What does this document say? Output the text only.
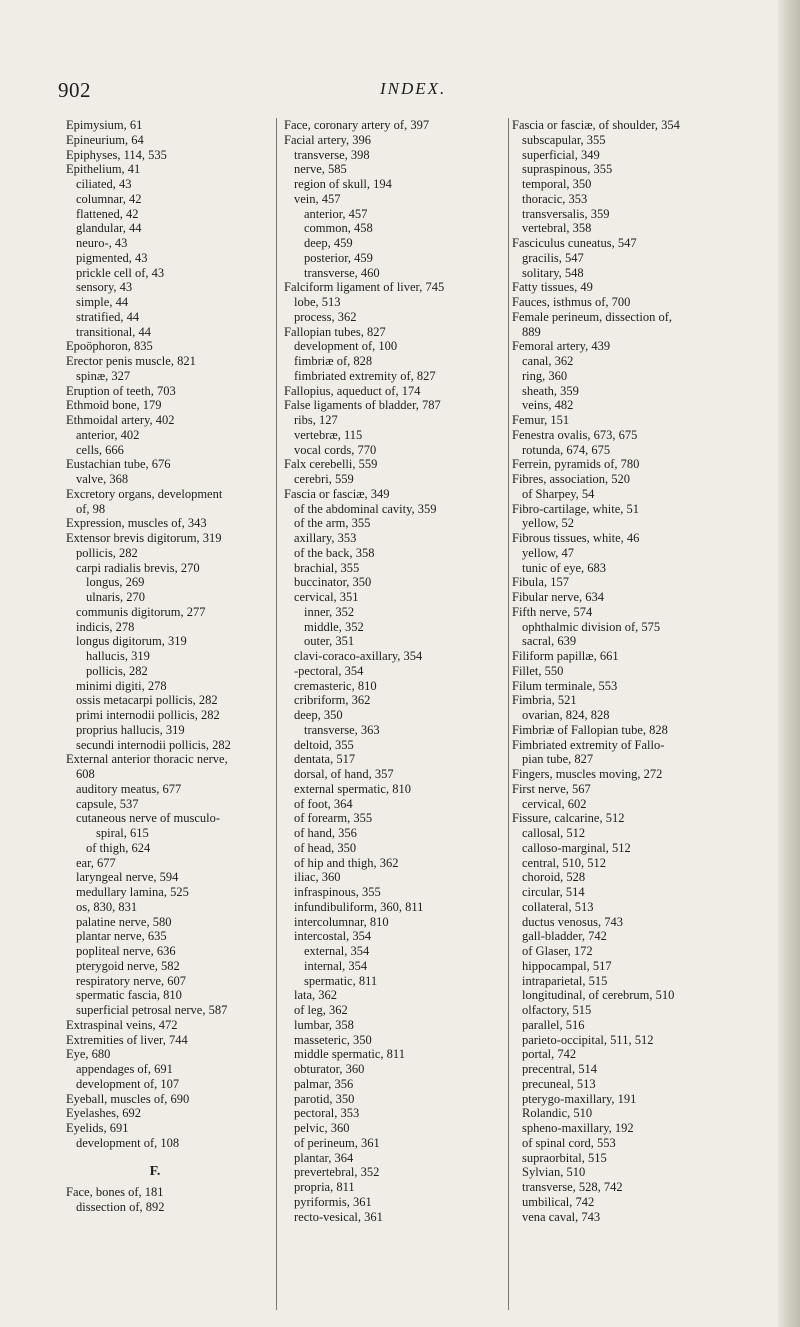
902	INDEX.
Epimysium, 61
Epineurium, 64
Epiphyses, 114, 535
Epithelium, 41
ciliated, 43
columnar, 42
flattened, 42
glandular, 44
neuro-, 43
pigmented, 43
prickle cell of, 43
sensory, 43
simple, 44
stratified, 44
transitional, 44
Epoöphoron, 835
Erector penis muscle, 821
spinæ, 327
Eruption of teeth, 703
Ethmoid bone, 179
Ethmoidal artery, 402
anterior, 402
cells, 666
Eustachian tube, 676
valve, 368
Excretory organs, development
of, 98
Expression, muscles of, 343
Extensor brevis digitorum, 319
pollicis, 282
carpi radialis brevis, 270
longus, 269
ulnaris, 270
communis digitorum, 277
indicis, 278
longus digitorum, 319
hallucis, 319
pollicis, 282
minimi digiti, 278
ossis metacarpi pollicis, 282
primi internodii pollicis, 282
proprius hallucis, 319
secundi internodii pollicis, 282
External anterior thoracic nerve,
608
auditory meatus, 677
capsule, 537
cutaneous nerve of musculo-
spiral, 615
of thigh, 624
ear, 677
laryngeal nerve, 594
medullary lamina, 525
os, 830, 831
palatine nerve, 580
plantar nerve, 635
popliteal nerve, 636
pterygoid nerve, 582
respiratory nerve, 607
spermatic fascia, 810
superficial petrosal nerve, 587
Extraspinal veins, 472
Extremities of liver, 744
Eye, 680
appendages of, 691
development of, 107
Eyeball, muscles of, 690
Eyelashes, 692
Eyelids, 691
development of, 108
F.
Face, bones of, 181
dissection of, 892
Face, coronary artery of, 397
Facial artery, 396
transverse, 398
nerve, 585
region of skull, 194
vein, 457
anterior, 457
common, 458
deep, 459
posterior, 459
transverse, 460
Falciform ligament of liver, 745
lobe, 513
process, 362
Fallopian tubes, 827
development of, 100
fimbriæ of, 828
fimbriated extremity of, 827
Fallopius, aqueduct of, 174
False ligaments of bladder, 787
ribs, 127
vertebræ, 115
vocal cords, 770
Falx cerebelli, 559
cerebri, 559
Fascia or fasciæ, 349
of the abdominal cavity, 359
of the arm, 355
axillary, 353
of the back, 358
brachial, 355
buccinator, 350
cervical, 351
inner, 352
middle, 352
outer, 351
clavi-coraco-axillary, 354
-pectoral, 354
cremasteric, 810
cribriform, 362
deep, 350
transverse, 363
deltoid, 355
dentata, 517
dorsal, of hand, 357
external spermatic, 810
of foot, 364
of forearm, 355
of hand, 356
of head, 350
of hip and thigh, 362
iliac, 360
infraspinous, 355
infundibuliform, 360, 811
intercolumnar, 810
intercostal, 354
external, 354
internal, 354
spermatic, 811
lata, 362
of leg, 362
lumbar, 358
masseteric, 350
middle spermatic, 811
obturator, 360
palmar, 356
parotid, 350
pectoral, 353
pelvic, 360
of perineum, 361
plantar, 364
prevertebral, 352
propria, 811
pyriformis, 361
recto-vesical, 361
Fascia or fasciæ, of shoulder, 354
subscapular, 355
superficial, 349
supraspinous, 355
temporal, 350
thoracic, 353
transversalis, 359
vertebral, 358
Fasciculus cuneatus, 547
gracilis, 547
solitary, 548
Fatty tissues, 49
Fauces, isthmus of, 700
Female perineum, dissection of,
889
Femoral artery, 439
canal, 362
ring, 360
sheath, 359
veins, 482
Femur, 151
Fenestra ovalis, 673, 675
rotunda, 674, 675
Ferrein, pyramids of, 780
Fibres, association, 520
of Sharpey, 54
Fibro-cartilage, white, 51
yellow, 52
Fibrous tissues, white, 46
yellow, 47
tunic of eye, 683
Fibula, 157
Fibular nerve, 634
Fifth nerve, 574
ophthalmic division of, 575
sacral, 639
Filiform papillæ, 661
Fillet, 550
Filum terminale, 553
Fimbria, 521
ovarian, 824, 828
Fimbriæ of Fallopian tube, 828
Fimbriated extremity of Fallo-
pian tube, 827
Fingers, muscles moving, 272
First nerve, 567
cervical, 602
Fissure, calcarine, 512
callosal, 512
calloso-marginal, 512
central, 510, 512
choroid, 528
circular, 514
collateral, 513
ductus venosus, 743
gall-bladder, 742
of Glaser, 172
hippocampal, 517
intraparietal, 515
longitudinal, of cerebrum, 510
olfactory, 515
parallel, 516
parieto-occipital, 511, 512
portal, 742
precentral, 514
precuneal, 513
pterygo-maxillary, 191
Rolandic, 510
spheno-maxillary, 192
of spinal cord, 553
supraorbital, 515
Sylvian, 510
transverse, 528, 742
umbilical, 742
vena caval, 743
